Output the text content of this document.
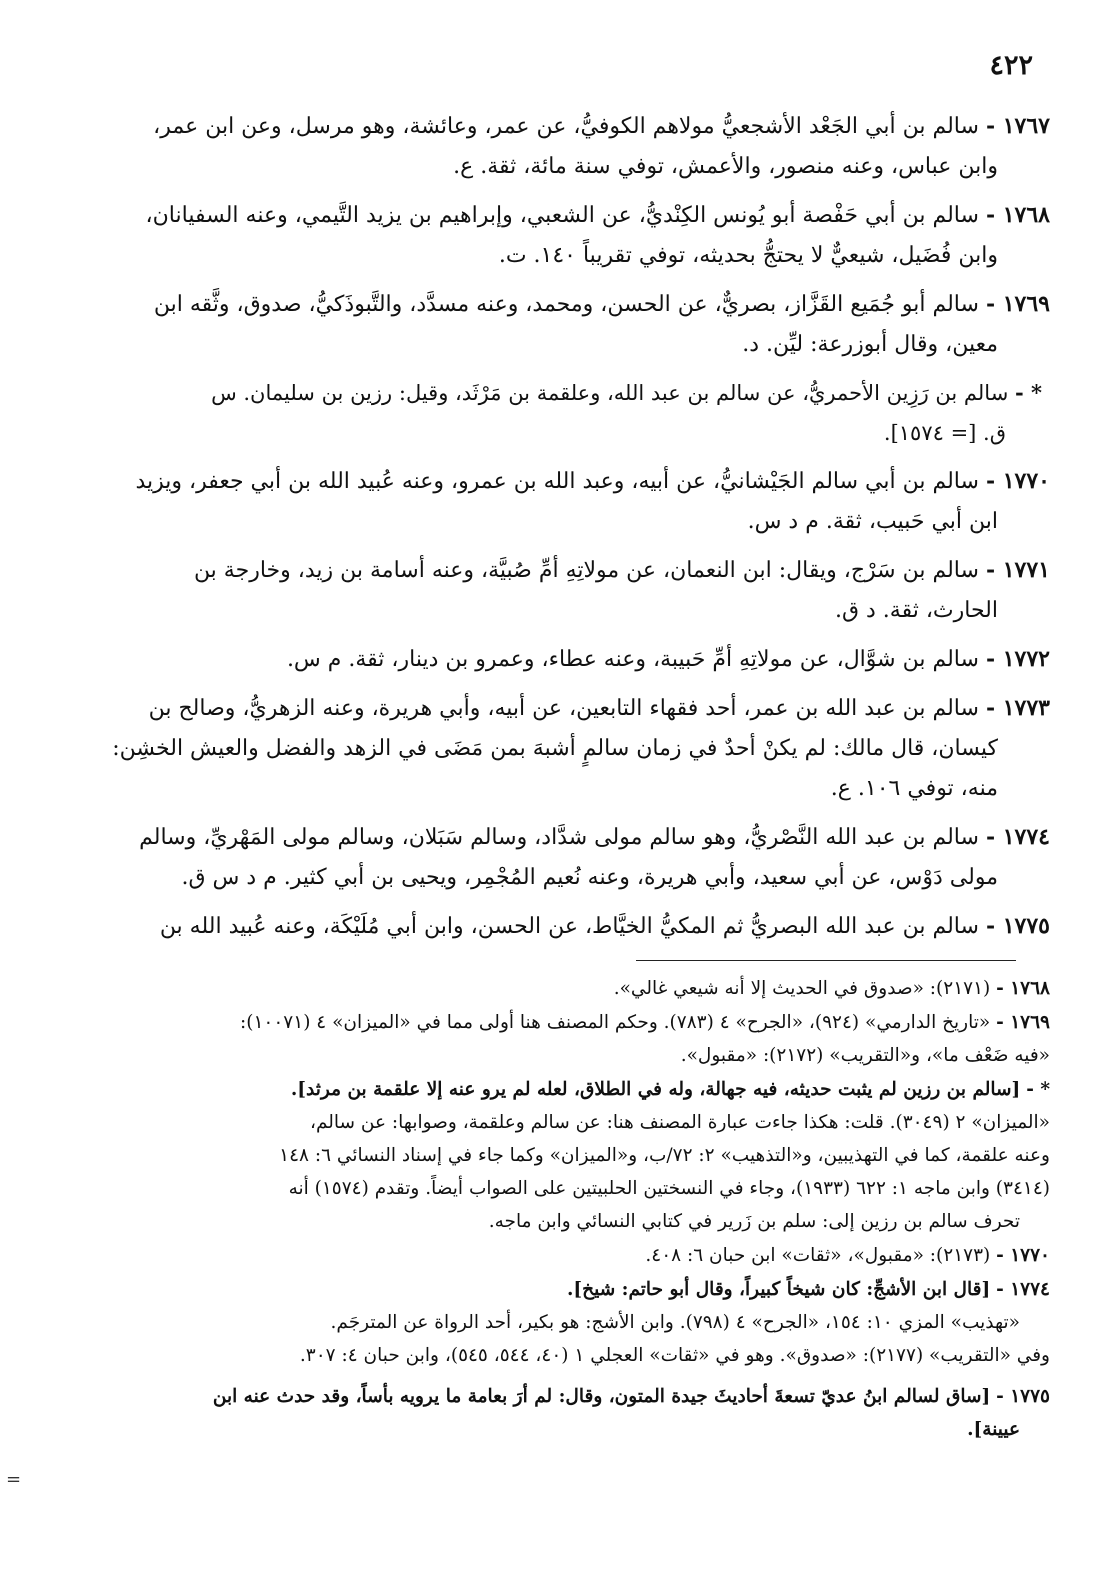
٤٢٢
١٧٦٧ - سالم بن أبي الجَعْد الأشجعيُّ مولاهم الكوفيُّ، عن عمر، وعائشة، وهو مرسل، وعن ابن عمر،
وابن عباس، وعنه منصور، والأعمش، توفي سنة مائة، ثقة. ع.
١٧٦٨ - سالم بن أبي حَفْصة أبو يُونس الكِنْديُّ، عن الشعبي، وإبراهيم بن يزيد التَّيمي، وعنه السفيانان،
وابن فُضَيل، شيعيٌّ لا يحتجُّ بحديثه، توفي تقريباً ١٤٠. ت.
١٧٦٩ - سالم أبو جُمَيع القَزَّاز، بصريٌّ، عن الحسن، ومحمد، وعنه مسدَّد، والتَّبوذَكيُّ، صدوق، وثَّقه ابن
معين، وقال أبوزرعة: ليِّن. د.
* - سالم بن رَزِين الأحمريُّ، عن سالم بن عبد الله، وعلقمة بن مَرْثَد، وقيل: رزين بن سليمان. س
ق. [= ١٥٧٤].
١٧٧٠ - سالم بن أبي سالم الجَيْشانيُّ، عن أبيه، وعبد الله بن عمرو، وعنه عُبيد الله بن أبي جعفر، ويزيد
ابن أبي حَبيب، ثقة. م د س.
١٧٧١ - سالم بن سَرْج، ويقال: ابن النعمان، عن مولاتِهِ أمِّ صُبيَّة، وعنه أسامة بن زيد، وخارجة بن
الحارث، ثقة. د ق.
١٧٧٢ - سالم بن شوَّال، عن مولاتِهِ أمِّ حَبيبة، وعنه عطاء، وعمرو بن دينار، ثقة. م س.
١٧٧٣ - سالم بن عبد الله بن عمر، أحد فقهاء التابعين، عن أبيه، وأبي هريرة، وعنه الزهريُّ، وصالح بن
كيسان، قال مالك: لم يكنْ أحدٌ في زمان سالمٍ أشبهَ بمن مَضَى في الزهد والفضل والعيش الخشِن:
منه، توفي ١٠٦. ع.
١٧٧٤ - سالم بن عبد الله النَّصْريُّ، وهو سالم مولى شدَّاد، وسالم سَبَلان، وسالم مولى المَهْريِّ، وسالم
مولى دَوْس، عن أبي سعيد، وأبي هريرة، وعنه نُعيم المُجْمِر، ويحيى بن أبي كثير. م د س ق.
١٧٧٥ - سالم بن عبد الله البصريُّ ثم المكيُّ الخيَّاط، عن الحسن، وابن أبي مُلَيْكَة، وعنه عُبيد الله بن
١٧٦٨ - (٢١٧١): «صدوق في الحديث إلا أنه شيعي غالي».
١٧٦٩ - «تاريخ الدارمي» (٩٢٤)، «الجرح» ٤ (٧٨٣). وحكم المصنف هنا أولى مما في «الميزان» ٤ (١٠٠٧١):
«فيه ضَعْف ما»، و«التقريب» (٢١٧٢): «مقبول».
* - [سالم بن رزين لم يثبت حديثه، فيه جهالة، وله في الطلاق، لعله لم يرو عنه إلا علقمة بن مرثد].
«الميزان» ٢ (٣٠٤٩). قلت: هكذا جاءت عبارة المصنف هنا: عن سالم وعلقمة، وصوابها: عن سالم،
وعنه علقمة، كما في التهذيبين، و«التذهيب» ٢: ٧٢/ب، و«الميزان» وكما جاء في إسناد النسائي ٦: ١٤٨
(٣٤١٤) وابن ماجه ١: ٦٢٢ (١٩٣٣)، وجاء في النسختين الحلبيتين على الصواب أيضاً. وتقدم (١٥٧٤) أنه
تحرف سالم بن رزين إلى: سلم بن زَرير في كتابي النسائي وابن ماجه.
١٧٧٠ - (٢١٧٣): «مقبول»، «ثقات» ابن حبان ٦: ٤٠٨.
١٧٧٤ - [قال ابن الأشجِّ: كان شيخاً كبيراً، وقال أبو حاتم: شيخ].
«تهذيب» المزي ١٠: ١٥٤، «الجرح» ٤ (٧٩٨). وابن الأشج: هو بكير، أحد الرواة عن المترجَم.
وفي «التقريب» (٢١٧٧): «صدوق». وهو في «ثقات» العجلي ١ (٤٠، ٥٤٤، ٥٤٥)، وابن حبان ٤: ٣٠٧.
١٧٧٥ - [ساق لسالم ابنُ عديّ تسعةَ أحاديثَ جيدة المتون، وقال: لم أرَ بعامة ما يرويه بأساً، وقد حدث عنه ابن
عيينة].
=
